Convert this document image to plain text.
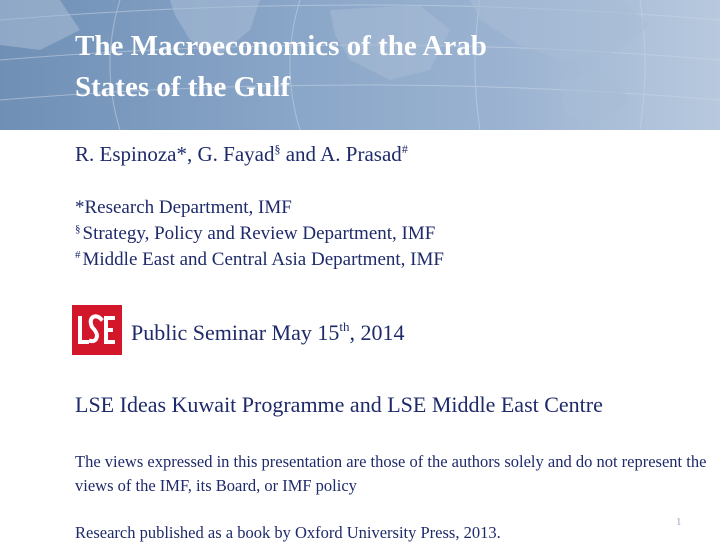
The Macroeconomics of the Arab
States of the Gulf
R. Espinoza*, G. Fayad§ and A. Prasad#
*Research Department, IMF
§ Strategy, Policy and Review Department, IMF
# Middle East and Central Asia Department, IMF
Public Seminar May 15th, 2014
LSE Ideas Kuwait Programme and LSE Middle East Centre
The views expressed in this presentation are those of the authors solely and do not represent the views of the IMF, its Board, or IMF policy
Research published as a book by Oxford University Press, 2013.
1
